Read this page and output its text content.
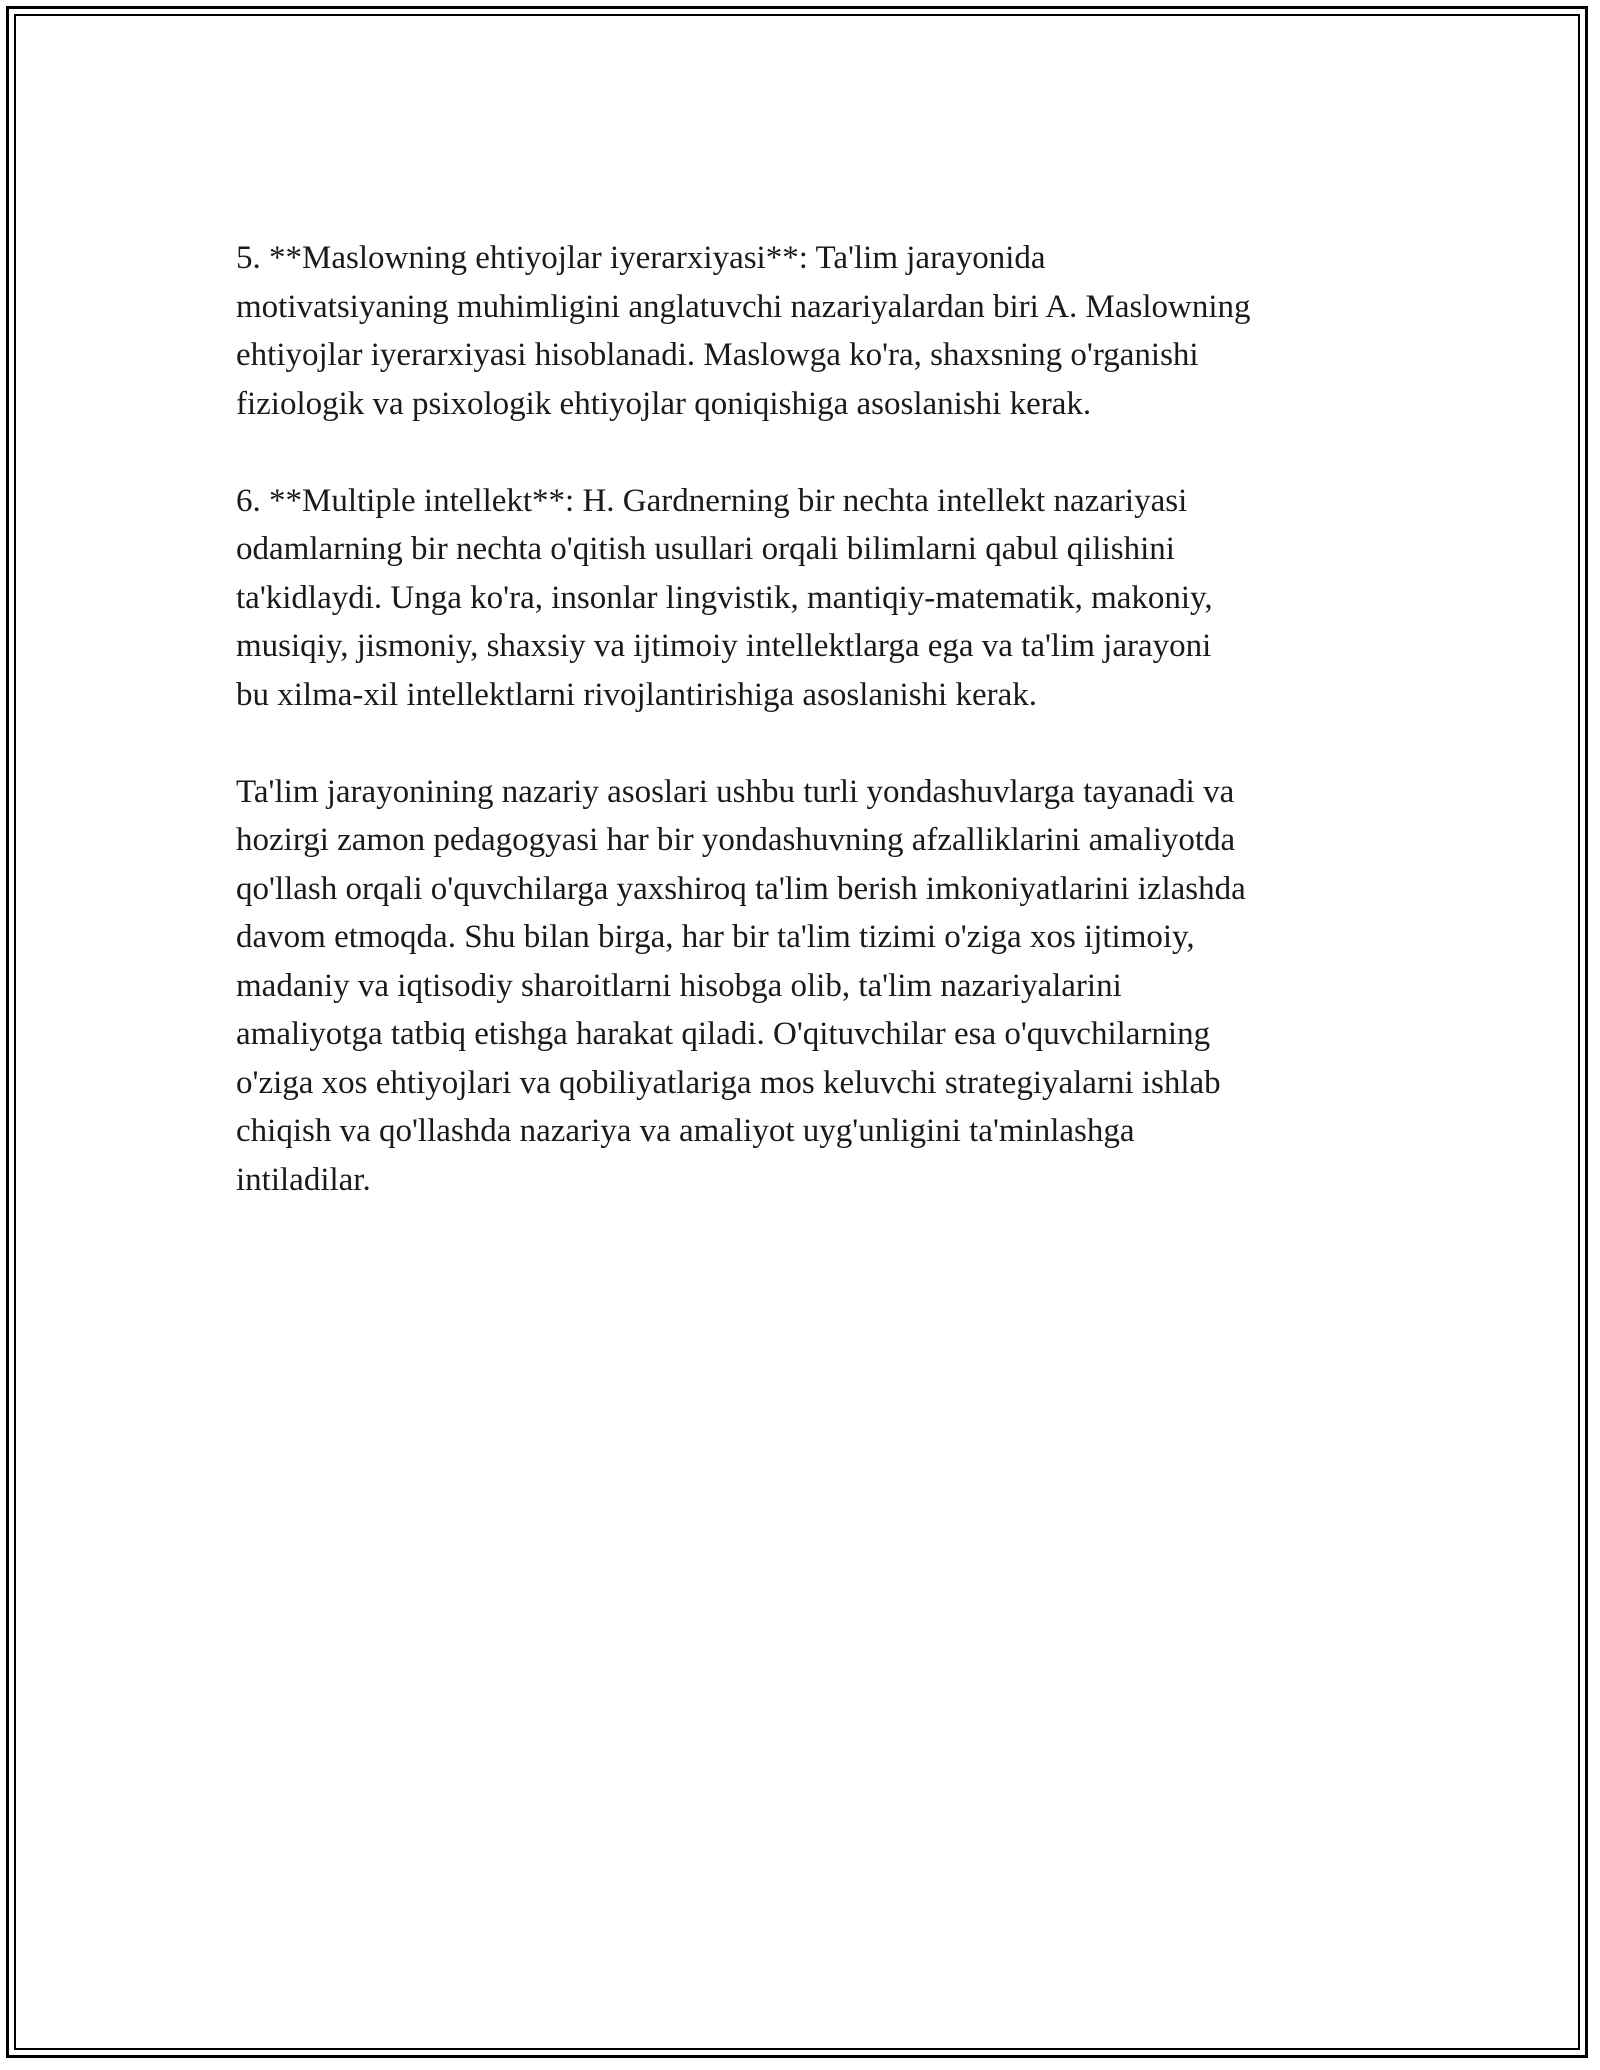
5. **Maslowning ehtiyojlar iyerarxiyasi**: Ta'lim jarayonida
motivatsiyaning muhimligini anglatuvchi nazariyalardan biri A. Maslowning
ehtiyojlar iyerarxiyasi hisoblanadi. Maslowga ko'ra, shaxsning o'rganishi
fiziologik va psixologik ehtiyojlar qoniqishiga asoslanishi kerak.

6. **Multiple intellekt**: H. Gardnerning bir nechta intellekt nazariyasi
odamlarning bir nechta o'qitish usullari orqali bilimlarni qabul qilishini
ta'kidlaydi. Unga ko'ra, insonlar lingvistik, mantiqiy-matematik, makoniy,
musiqiy, jismoniy, shaxsiy va ijtimoiy intellektlarga ega va ta'lim jarayoni
bu xilma-xil intellektlarni rivojlantirishiga asoslanishi kerak.

Ta'lim jarayonining nazariy asoslari ushbu turli yondashuvlarga tayanadi va
hozirgi zamon pedagogyasi har bir yondashuvning afzalliklarini amaliyotda
qo'llash orqali o'quvchilarga yaxshiroq ta'lim berish imkoniyatlarini izlashda
davom etmoqda. Shu bilan birga, har bir ta'lim tizimi o'ziga xos ijtimoiy,
madaniy va iqtisodiy sharoitlarni hisobga olib, ta'lim nazariyalarini
amaliyotga tatbiq etishga harakat qiladi. O'qituvchilar esa o'quvchilarning
o'ziga xos ehtiyojlari va qobiliyatlariga mos keluvchi strategiyalarni ishlab
chiqish va qo'llashda nazariya va amaliyot uyg'unligini ta'minlashga
intiladilar.
